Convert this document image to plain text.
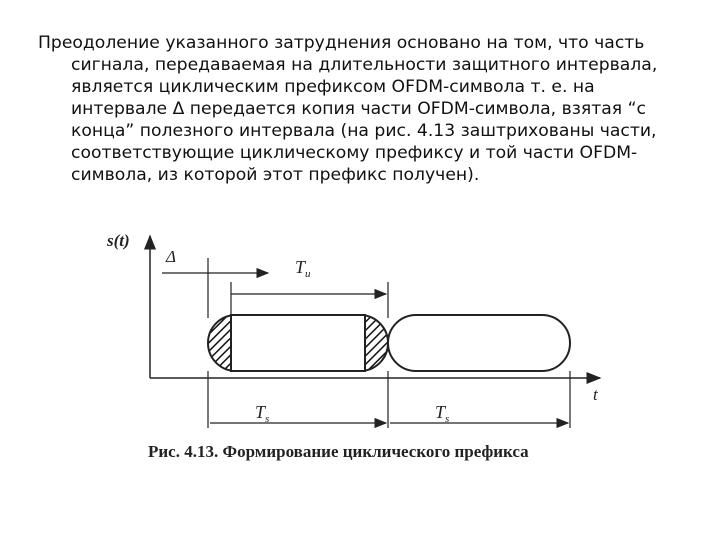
Преодоление указанного затруднения основано на том, что часть
сигнала, передаваемая на длительности защитного интервала,
является циклическим префиксом OFDM-символа т. е. на
интервале Δ передается копия части OFDM-символа, взятая “с
конца” полезного интервала (на рис. 4.13 заштрихованы части,
соответствующие циклическому префиксу и той части OFDM-
символа, из которой этот префикс получен).
s(t)
t
Δ
$T_u$
$T_s$	$T_s$
Рис. 4.13. Формирование циклического префикса
